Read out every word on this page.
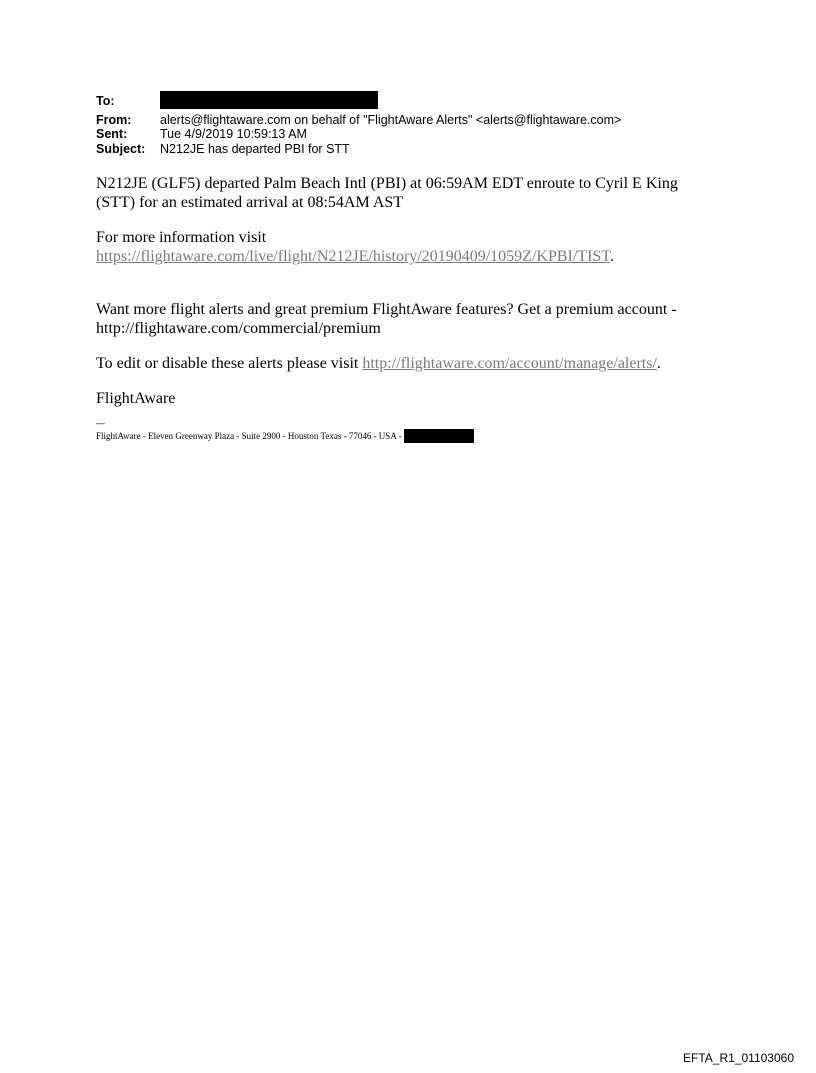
To:
From:	alerts@flightaware.com on behalf of "FlightAware Alerts" <alerts@flightaware.com>
Sent:	Tue 4/9/2019 10:59:13 AM
Subject:	N212JE has departed PBI for STT

N212JE (GLF5) departed Palm Beach Intl (PBI) at 06:59AM EDT enroute to Cyril E King
(STT) for an estimated arrival at 08:54AM AST

For more information visit
https://flightaware.com/live/flight/N212JE/history/20190409/1059Z/KPBI/TIST.

Want more flight alerts and great premium FlightAware features? Get a premium account -
http://flightaware.com/commercial/premium

To edit or disable these alerts please visit http://flightaware.com/account/manage/alerts/.

FlightAware

---
FlightAware - Eleven Greenway Plaza - Suite 2900 - Houston Texas - 77046 - USA -
EFTA_R1_01103060
